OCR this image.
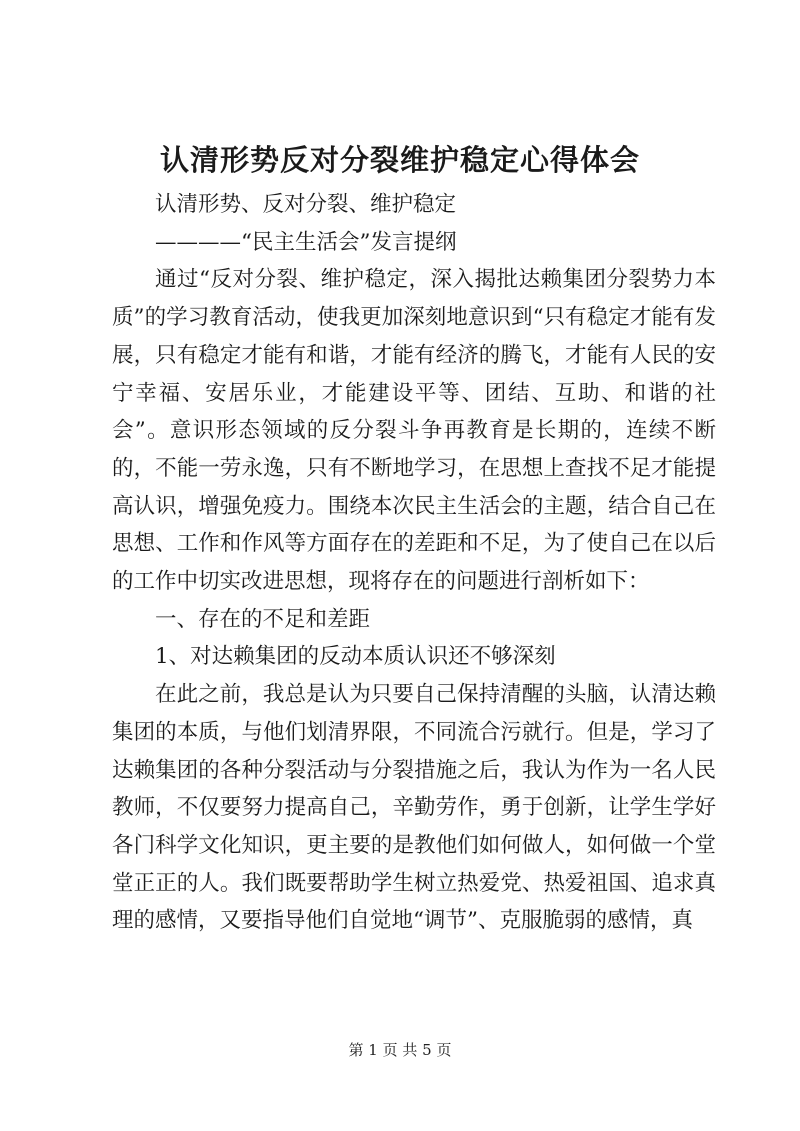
认清形势反对分裂维护稳定心得体会

认清形势、反对分裂、维护稳定

————“民主生活会”发言提纲

通过“反对分裂、维护稳定，深入揭批达赖集团分裂势力本质”的学习教育活动，使我更加深刻地意识到“只有稳定才能有发展，只有稳定才能有和谐，才能有经济的腾飞，才能有人民的安宁幸福、安居乐业，才能建设平等、团结、互助、和谐的社会”。意识形态领域的反分裂斗争再教育是长期的，连续不断的，不能一劳永逸，只有不断地学习，在思想上查找不足才能提高认识，增强免疫力。围绕本次民主生活会的主题，结合自己在思想、工作和作风等方面存在的差距和不足，为了使自己在以后的工作中切实改进思想，现将存在的问题进行剖析如下：

一、存在的不足和差距

1、对达赖集团的反动本质认识还不够深刻

在此之前，我总是认为只要自己保持清醒的头脑，认清达赖集团的本质，与他们划清界限，不同流合污就行。但是，学习了达赖集团的各种分裂活动与分裂措施之后，我认为作为一名人民教师，不仅要努力提高自己，辛勤劳作，勇于创新，让学生学好各门科学文化知识，更主要的是教他们如何做人，如何做一个堂堂正正的人。我们既要帮助学生树立热爱党、热爱祖国、追求真理的感情，又要指导他们自觉地“调节”、克服脆弱的感情，真

第 1 页 共 5 页
